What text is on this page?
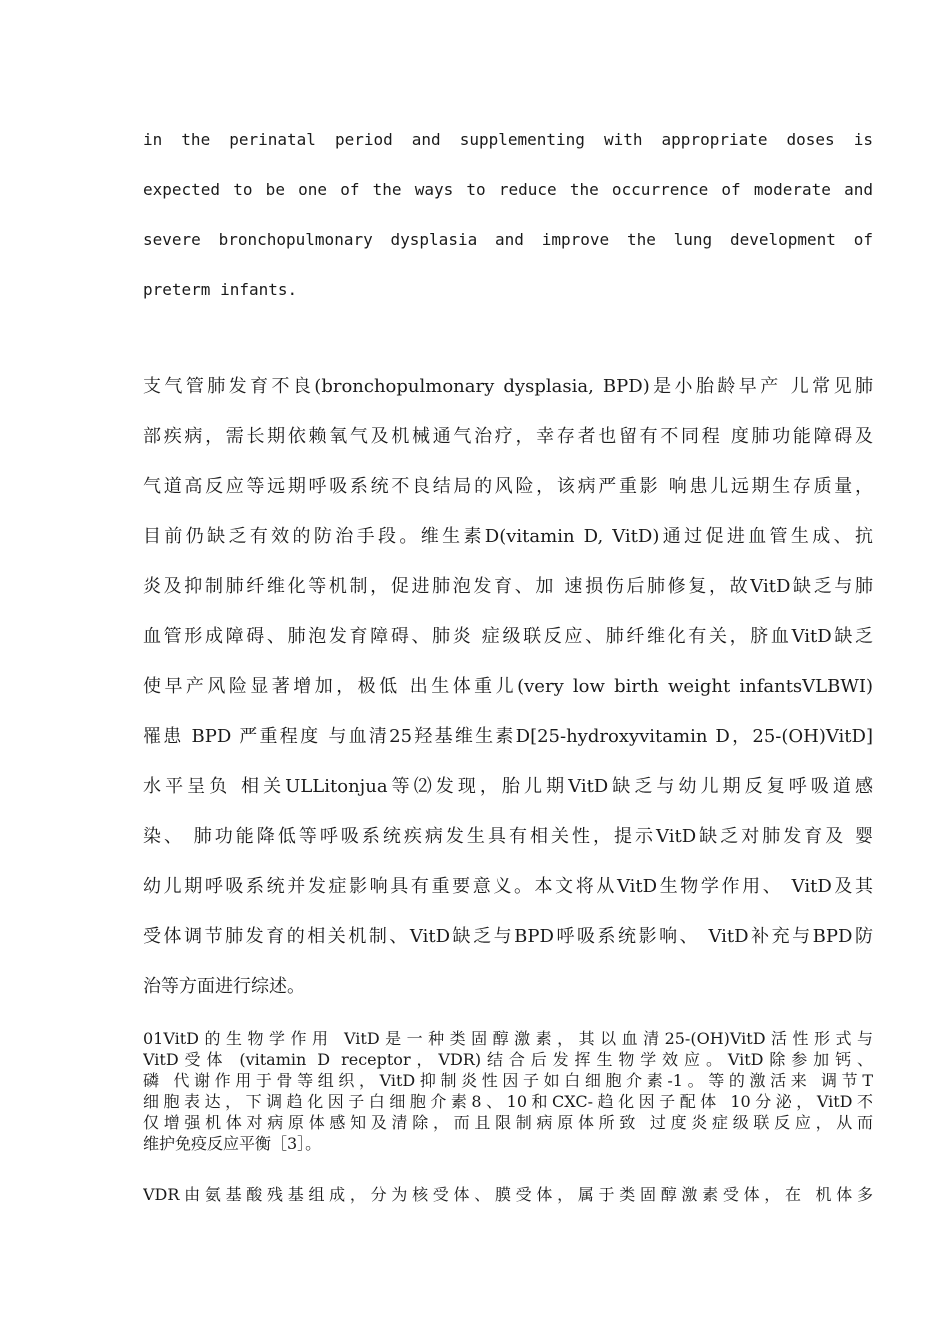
in the perinatal period and supplementing with appropriate doses is

expected to be one of the ways to reduce the occurrence of moderate and

severe bronchopulmonary dysplasia and improve the lung development of

preterm infants.

支气管肺发育不良(bronchopulmonary dysplasia, BPD)是小胎龄早产 儿常见肺

部疾病，需长期依赖氧气及机械通气治疗，幸存者也留有不同程 度肺功能障碍及

气道高反应等远期呼吸系统不良结局的风险，该病严重影 响患儿远期生存质量，

目前仍缺乏有效的防治手段。维生素D(vitamin D, VitD)通过促进血管生成、抗

炎及抑制肺纤维化等机制，促进肺泡发育、加 速损伤后肺修复，故VitD缺乏与肺

血管形成障碍、肺泡发育障碍、肺炎 症级联反应、肺纤维化有关，脐血VitD缺乏

使早产风险显著增加，极低 出生体重儿(very low birth weight infantsVLBWI)

罹患 BPD 严重程度 与血清25羟基维生素D[25-hydroxyvitamin D，25-(OH)VitD]

水平呈负 相关ULLitonjua等⑵发现，胎儿期VitD缺乏与幼儿期反复呼吸道感

染、 肺功能降低等呼吸系统疾病发生具有相关性，提示VitD缺乏对肺发育及 婴

幼儿期呼吸系统并发症影响具有重要意义。本文将从VitD生物学作用、 VitD及其

受体调节肺发育的相关机制、VitD缺乏与BPD呼吸系统影响、 VitD补充与BPD防

治等方面进行综述。

01VitD的生物学作用 VitD是一种类固醇激素，其以血清25-(OH)VitD活性形式与

VitD受体 (vitamin D receptor，VDR)结合后发挥生物学效应。VitD除参加钙、

磷 代谢作用于骨等组织，VitD抑制炎性因子如白细胞介素-1。等的激活来 调节T

细胞表达，下调趋化因子白细胞介素8、10和CXC-趋化因子配体 10分泌，VitD不

仅增强机体对病原体感知及清除，而且限制病原体所致 过度炎症级联反应，从而

维护免疫反应平衡［3］。

VDR由氨基酸残基组成，分为核受体、膜受体，属于类固醇激素受体，在 机体多
